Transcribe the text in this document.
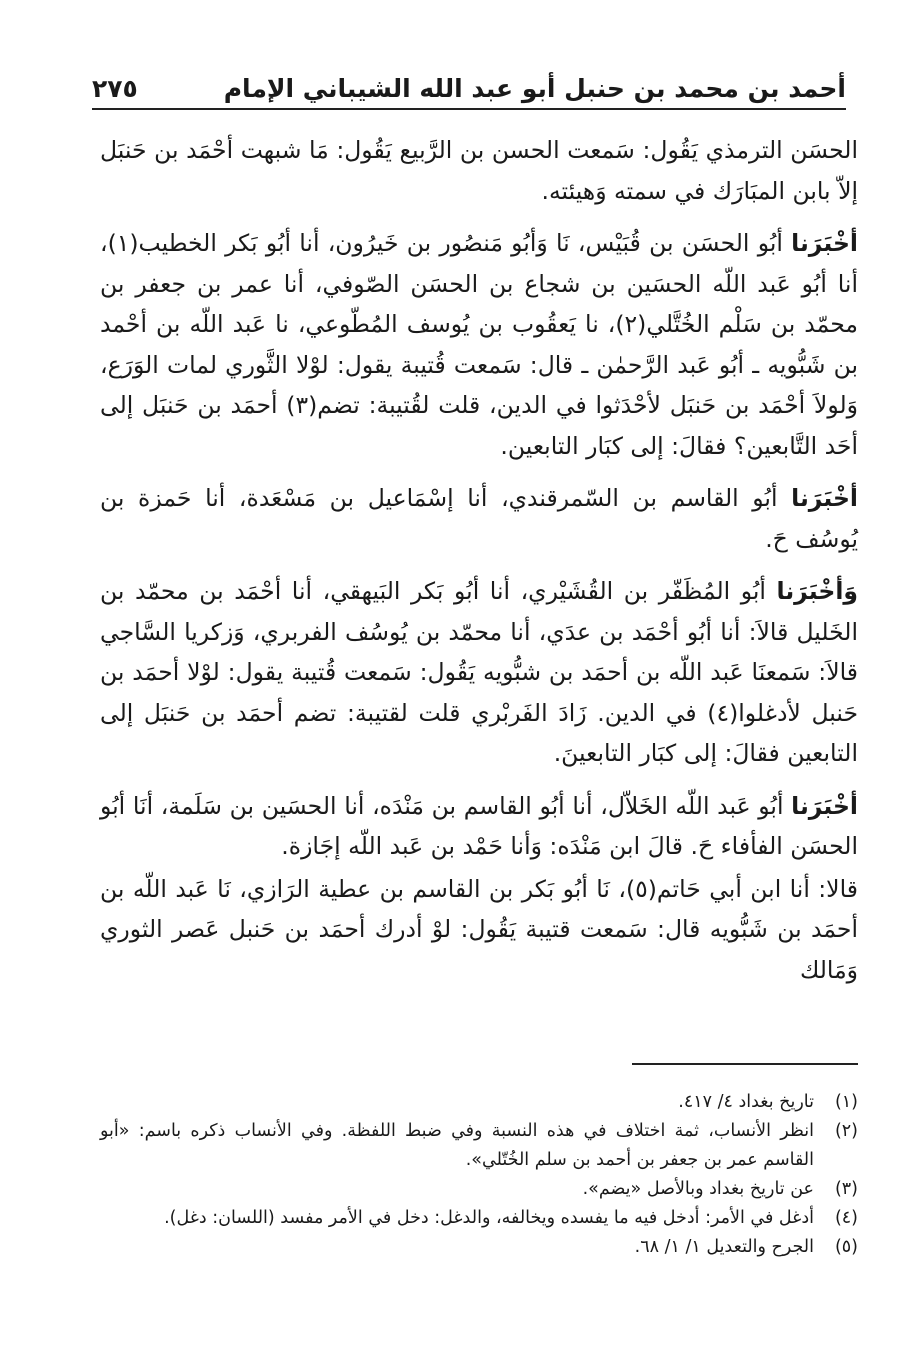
أحمد بن محمد بن حنبل أبو عبد الله الشيباني الإمام
٢٧٥

الحسَن الترمذي يَقُول: سَمعت الحسن بن الرَّبيع يَقُول: مَا شبهت أحْمَد بن حَنبَل إلاّ بابن المبَارَك في سمته وَهيئته.

أخْبَرَنا أبُو الحسَن بن قُبَيْس، نَا وَأبُو مَنصُور بن خَيرُون، أنا أبُو بَكر الخطيب(١)، أنا أبُو عَبد اللّه الحسَين بن شجاع بن الحسَن الصّوفي، أنا عمر بن جعفر بن محمّد بن سَلْم الخُتَّلي(٢)، نا يَعقُوب بن يُوسف المُطّوعي، نا عَبد اللّه بن أحْمد بن شَبُّويه ـ أبُو عَبد الرَّحمٰن ـ قال: سَمعت قُتيبة يقول: لوْلا الثَّوري لمات الوَرَع، وَلولاَ أحْمَد بن حَنبَل لأحْدَثوا في الدين، قلت لقُتيبة: تضم(٣) أحمَد بن حَنبَل إلى أحَد التَّابعين؟ فقالَ: إلى كبَار التابعين.

أخْبَرَنا أبُو القاسم بن السّمرقندي، أنا إسْمَاعيل بن مَسْعَدة، أنا حَمزة بن يُوسُف حَ.

وَأخْبَرَنا أبُو المُظَفّر بن القُشَيْري، أنا أبُو بَكر البَيهقي، أنا أحْمَد بن محمّد بن الخَليل قالاَ: أنا أبُو أحْمَد بن عدَي، أنا محمّد بن يُوسُف الفربري، وَزكريا السَّاجي قالاَ: سَمعنَا عَبد اللّه بن أحمَد بن شبُّويه يَقُول: سَمعت قُتيبة يقول: لوْلا أحمَد بن حَنبل لأدغلوا(٤) في الدين. زَادَ الفَربْري قلت لقتيبة: تضم أحمَد بن حَنبَل إلى التابعين فقالَ: إلى كبَار التابعينَ.

أخْبَرَنا أبُو عَبد اللّه الخَلاّل، أنا أبُو القاسم بن مَنْدَه، أنا الحسَين بن سَلَمة، أنَا أبُو الحسَن الفأفاء حَ. قالَ ابن مَنْدَه: وَأنا حَمْد بن عَبد اللّه إجَازة.

قالا: أنا ابن أبي حَاتم(٥)، نَا أبُو بَكر بن القاسم بن عطية الرَازي، نَا عَبد اللّه بن أحمَد بن شَبُّويه قال: سَمعت قتيبة يَقُول: لوْ أدرك أحمَد بن حَنبل عَصر الثوري وَمَالك

(١)
تاريخ بغداد ٤/ ٤١٧.
(٢)
انظر الأنساب، ثمة اختلاف في هذه النسبة وفي ضبط اللفظة. وفي الأنساب ذكره باسم: «أبو القاسم عمر بن جعفر بن أحمد بن سلم الخُتّلي».
(٣)
عن تاريخ بغداد وبالأصل «يضم».
(٤)
أدغل في الأمر: أدخل فيه ما يفسده ويخالفه، والدغل: دخل في الأمر مفسد (اللسان: دغل).
(٥)
الجرح والتعديل ١/ ١/ ٦٨.
